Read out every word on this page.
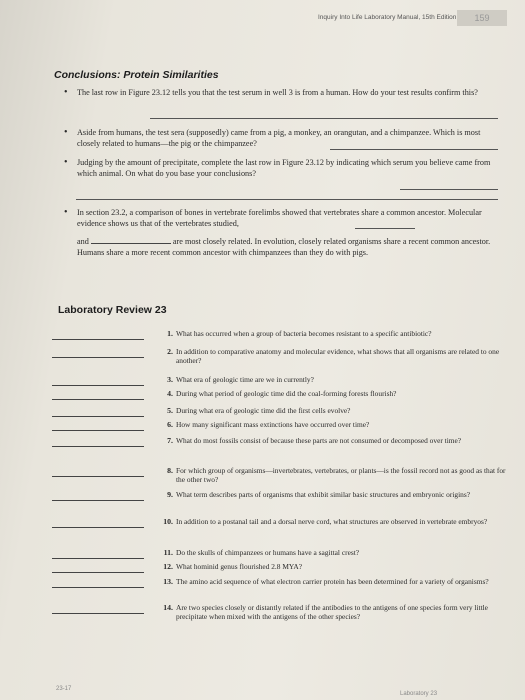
Inquiry Into Life Laboratory Manual, 15th Edition	159
Conclusions: Protein Similarities
• The last row in Figure 23.12 tells you that the test serum in well 3 is from a human. How do your test results confirm this?
• Aside from humans, the test sera (supposedly) came from a pig, a monkey, an orangutan, and a chimpanzee. Which is most closely related to humans—the pig or the chimpanzee?
• Judging by the amount of precipitate, complete the last row in Figure 23.12 by indicating which serum you believe came from which animal. On what do you base your conclusions?
• In section 23.2, a comparison of bones in vertebrate forelimbs showed that vertebrates share a common ancestor. Molecular evidence shows us that of the vertebrates studied,
and	are most closely related. In evolution, closely related organisms share a recent common ancestor. Humans share a more recent common ancestor with chimpanzees than they do with pigs.
Laboratory Review 23
1. What has occurred when a group of bacteria becomes resistant to a specific antibiotic?
2. In addition to comparative anatomy and molecular evidence, what shows that all organisms are related to one another?
3. What era of geologic time are we in currently?
4. During what period of geologic time did the coal-forming forests flourish?
5. During what era of geologic time did the first cells evolve?
6. How many significant mass extinctions have occurred over time?
7. What do most fossils consist of because these parts are not consumed or decomposed over time?
8. For which group of organisms—invertebrates, vertebrates, or plants—is the fossil record not as good as that for the other two?
9. What term describes parts of organisms that exhibit similar basic structures and embryonic origins?
10. In addition to a postanal tail and a dorsal nerve cord, what structures are observed in vertebrate embryos?
11. Do the skulls of chimpanzees or humans have a sagittal crest?
12. What hominid genus flourished 2.8 MYA?
13. The amino acid sequence of what electron carrier protein has been determined for a variety of organisms?
14. Are two species closely or distantly related if the antibodies to the antigens of one species form very little precipitate when mixed with the antigens of the other species?
23-17
Laboratory 23
